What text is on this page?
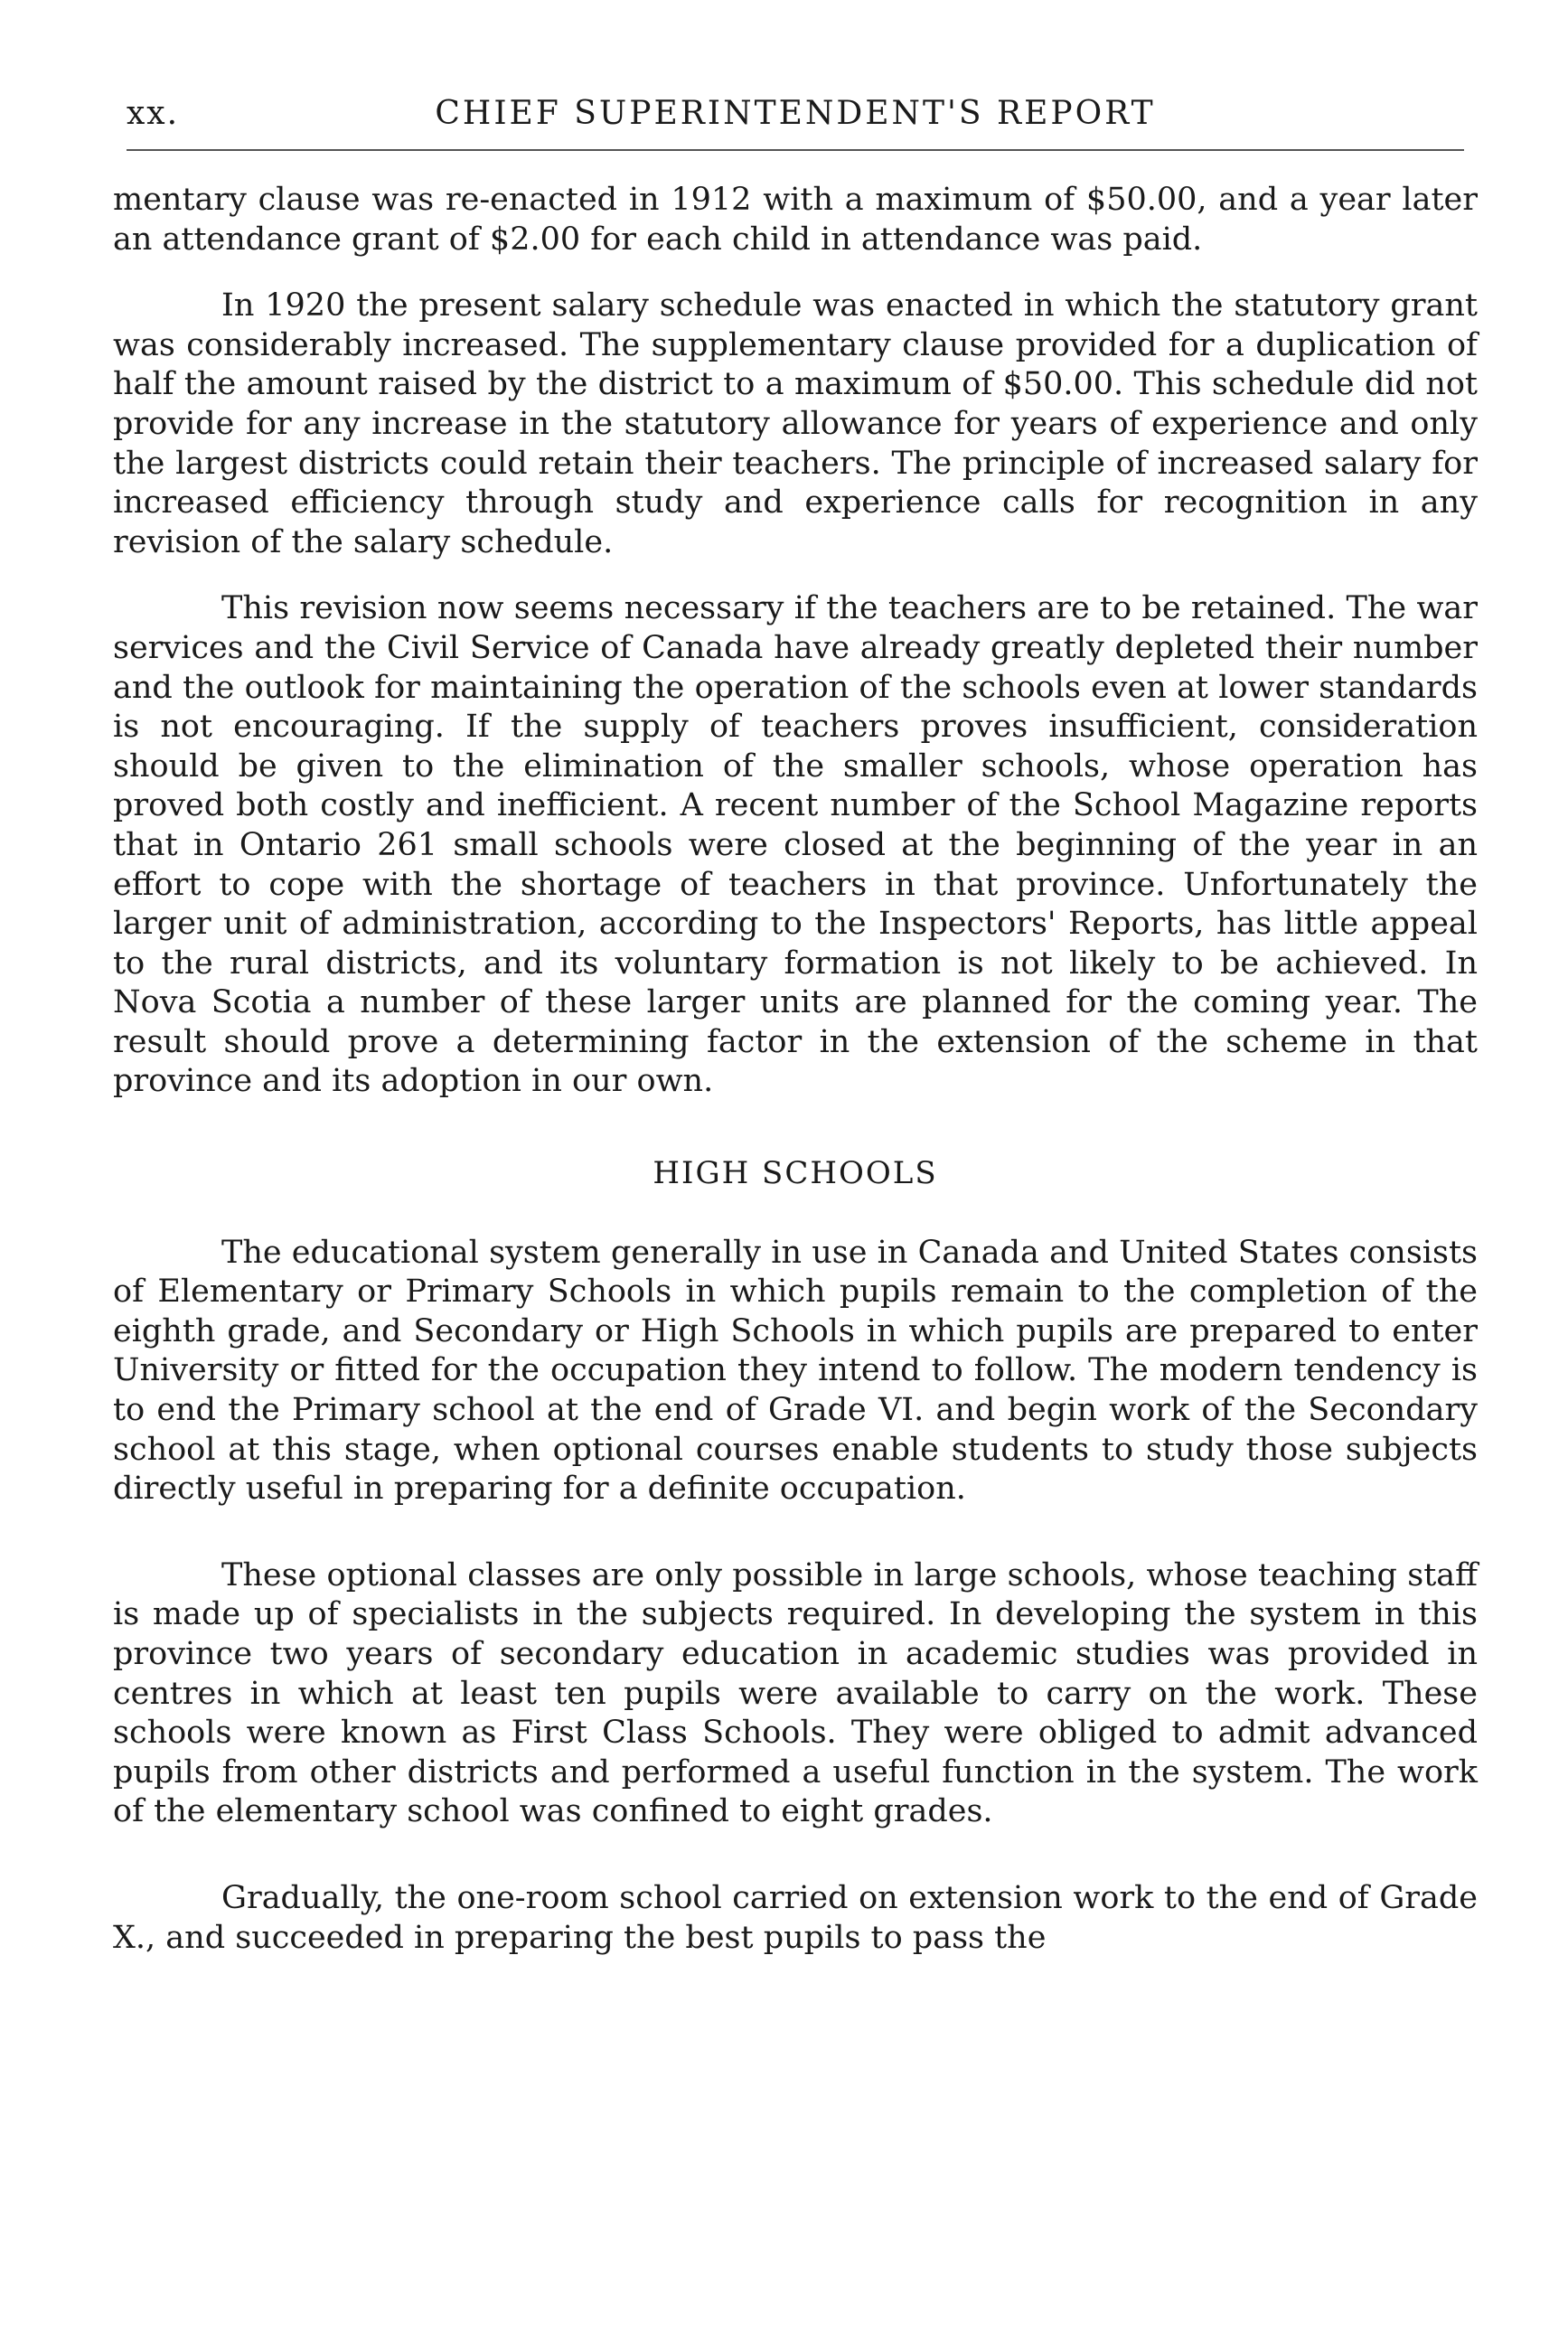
xx.	CHIEF SUPERINTENDENT'S REPORT

mentary clause was re-enacted in 1912 with a maximum of $50.00, and a year later an attendance grant of $2.00 for each child in attendance was paid.

In 1920 the present salary schedule was enacted in which the statutory grant was considerably increased. The supplementary clause provided for a duplication of half the amount raised by the district to a maximum of $50.00. This schedule did not provide for any increase in the statutory allowance for years of experience and only the largest districts could retain their teachers. The principle of increased salary for increased efficiency through study and experience calls for recognition in any revision of the salary schedule.

This revision now seems necessary if the teachers are to be retained. The war services and the Civil Service of Canada have already greatly depleted their number and the outlook for maintaining the operation of the schools even at lower standards is not encouraging. If the supply of teachers proves insufficient, consideration should be given to the elimination of the smaller schools, whose operation has proved both costly and inefficient. A recent number of the School Magazine reports that in Ontario 261 small schools were closed at the beginning of the year in an effort to cope with the shortage of teachers in that province. Unfortunately the larger unit of administration, according to the Inspectors' Reports, has little appeal to the rural districts, and its voluntary formation is not likely to be achieved. In Nova Scotia a number of these larger units are planned for the coming year. The result should prove a determining factor in the extension of the scheme in that province and its adoption in our own.

HIGH SCHOOLS

The educational system generally in use in Canada and United States consists of Elementary or Primary Schools in which pupils remain to the completion of the eighth grade, and Secondary or High Schools in which pupils are prepared to enter University or fitted for the occupation they intend to follow. The modern tendency is to end the Primary school at the end of Grade VI. and begin work of the Secondary school at this stage, when optional courses enable students to study those subjects directly useful in preparing for a definite occupation.

These optional classes are only possible in large schools, whose teaching staff is made up of specialists in the subjects required. In developing the system in this province two years of secondary education in academic studies was provided in centres in which at least ten pupils were available to carry on the work. These schools were known as First Class Schools. They were obliged to admit advanced pupils from other districts and performed a useful function in the system. The work of the elementary school was confined to eight grades.

Gradually, the one-room school carried on extension work to the end of Grade X., and succeeded in preparing the best pupils to pass the
